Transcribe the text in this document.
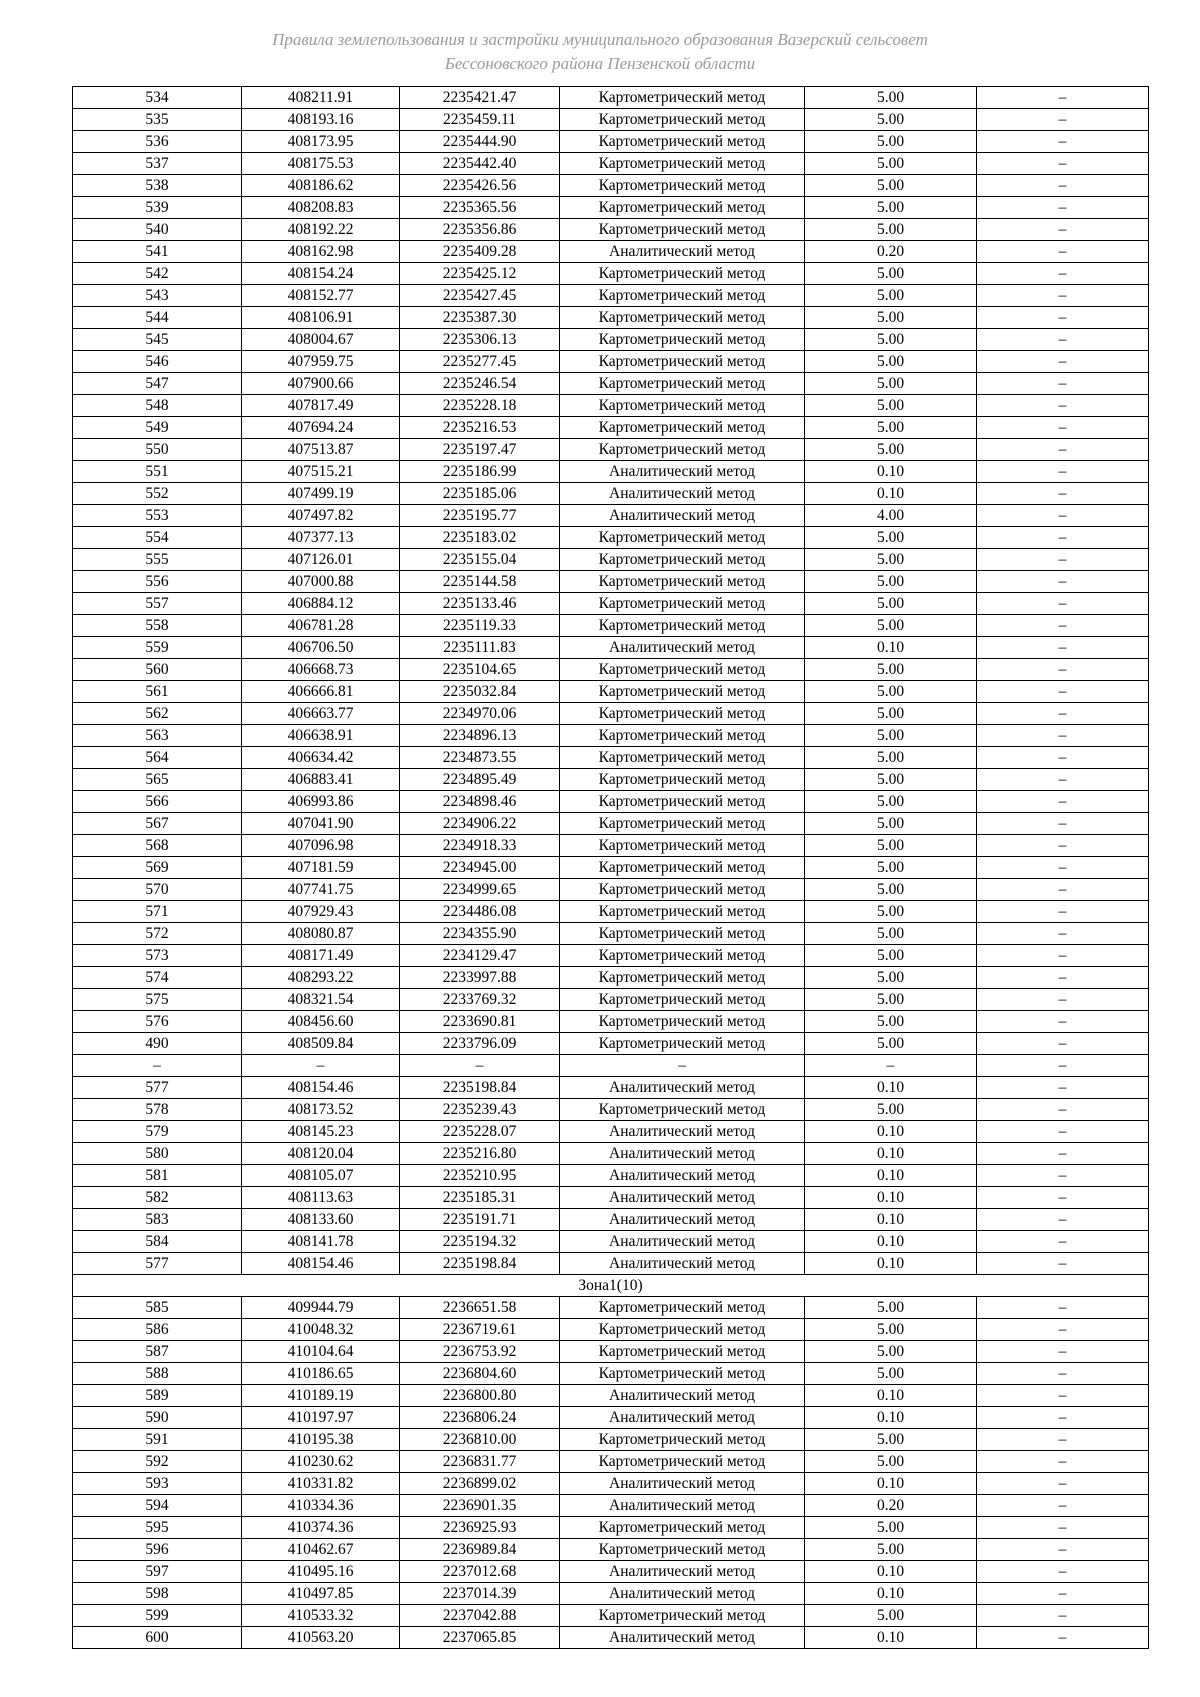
Правила землепользования и застройки муниципального образования Вазерский сельсовет
Бессоновского района Пензенской области
534	408211.91	2235421.47	Картометрический метод	5.00	–
535	408193.16	2235459.11	Картометрический метод	5.00	–
536	408173.95	2235444.90	Картометрический метод	5.00	–
537	408175.53	2235442.40	Картометрический метод	5.00	–
538	408186.62	2235426.56	Картометрический метод	5.00	–
539	408208.83	2235365.56	Картометрический метод	5.00	–
540	408192.22	2235356.86	Картометрический метод	5.00	–
541	408162.98	2235409.28	Аналитический метод	0.20	–
542	408154.24	2235425.12	Картометрический метод	5.00	–
543	408152.77	2235427.45	Картометрический метод	5.00	–
544	408106.91	2235387.30	Картометрический метод	5.00	–
545	408004.67	2235306.13	Картометрический метод	5.00	–
546	407959.75	2235277.45	Картометрический метод	5.00	–
547	407900.66	2235246.54	Картометрический метод	5.00	–
548	407817.49	2235228.18	Картометрический метод	5.00	–
549	407694.24	2235216.53	Картометрический метод	5.00	–
550	407513.87	2235197.47	Картометрический метод	5.00	–
551	407515.21	2235186.99	Аналитический метод	0.10	–
552	407499.19	2235185.06	Аналитический метод	0.10	–
553	407497.82	2235195.77	Аналитический метод	4.00	–
554	407377.13	2235183.02	Картометрический метод	5.00	–
555	407126.01	2235155.04	Картометрический метод	5.00	–
556	407000.88	2235144.58	Картометрический метод	5.00	–
557	406884.12	2235133.46	Картометрический метод	5.00	–
558	406781.28	2235119.33	Картометрический метод	5.00	–
559	406706.50	2235111.83	Аналитический метод	0.10	–
560	406668.73	2235104.65	Картометрический метод	5.00	–
561	406666.81	2235032.84	Картометрический метод	5.00	–
562	406663.77	2234970.06	Картометрический метод	5.00	–
563	406638.91	2234896.13	Картометрический метод	5.00	–
564	406634.42	2234873.55	Картометрический метод	5.00	–
565	406883.41	2234895.49	Картометрический метод	5.00	–
566	406993.86	2234898.46	Картометрический метод	5.00	–
567	407041.90	2234906.22	Картометрический метод	5.00	–
568	407096.98	2234918.33	Картометрический метод	5.00	–
569	407181.59	2234945.00	Картометрический метод	5.00	–
570	407741.75	2234999.65	Картометрический метод	5.00	–
571	407929.43	2234486.08	Картометрический метод	5.00	–
572	408080.87	2234355.90	Картометрический метод	5.00	–
573	408171.49	2234129.47	Картометрический метод	5.00	–
574	408293.22	2233997.88	Картометрический метод	5.00	–
575	408321.54	2233769.32	Картометрический метод	5.00	–
576	408456.60	2233690.81	Картометрический метод	5.00	–
490	408509.84	2233796.09	Картометрический метод	5.00	–
–	–	–	–	–	–
577	408154.46	2235198.84	Аналитический метод	0.10	–
578	408173.52	2235239.43	Картометрический метод	5.00	–
579	408145.23	2235228.07	Аналитический метод	0.10	–
580	408120.04	2235216.80	Аналитический метод	0.10	–
581	408105.07	2235210.95	Аналитический метод	0.10	–
582	408113.63	2235185.31	Аналитический метод	0.10	–
583	408133.60	2235191.71	Аналитический метод	0.10	–
584	408141.78	2235194.32	Аналитический метод	0.10	–
577	408154.46	2235198.84	Аналитический метод	0.10	–
Зона1(10)					
585	409944.79	2236651.58	Картометрический метод	5.00	–
586	410048.32	2236719.61	Картометрический метод	5.00	–
587	410104.64	2236753.92	Картометрический метод	5.00	–
588	410186.65	2236804.60	Картометрический метод	5.00	–
589	410189.19	2236800.80	Аналитический метод	0.10	–
590	410197.97	2236806.24	Аналитический метод	0.10	–
591	410195.38	2236810.00	Картометрический метод	5.00	–
592	410230.62	2236831.77	Картометрический метод	5.00	–
593	410331.82	2236899.02	Аналитический метод	0.10	–
594	410334.36	2236901.35	Аналитический метод	0.20	–
595	410374.36	2236925.93	Картометрический метод	5.00	–
596	410462.67	2236989.84	Картометрический метод	5.00	–
597	410495.16	2237012.68	Аналитический метод	0.10	–
598	410497.85	2237014.39	Аналитический метод	0.10	–
599	410533.32	2237042.88	Картометрический метод	5.00	–
600	410563.20	2237065.85	Аналитический метод	0.10	–
